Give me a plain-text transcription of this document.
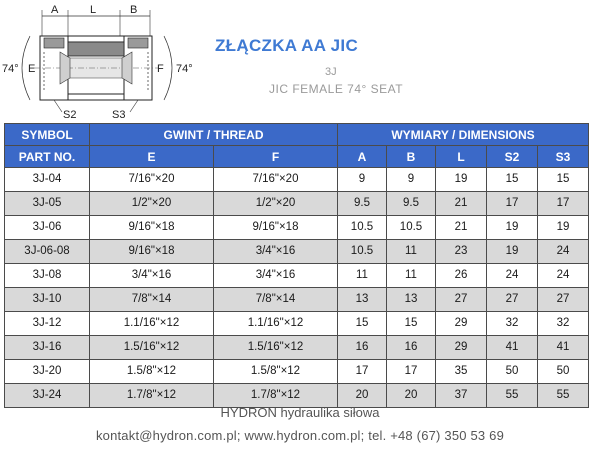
A	L	B
E	F
74°	74°
S2	S3
ZŁĄCZKA AA JIC
3J
JIC FEMALE 74° SEAT
SYMBOL	GWINT / THREAD		WYMIARY / DIMENSIONS				
PART NO.	E	F	A	B	L	S2	S3
3J-04	7/16"×20	7/16"×20	9	9	19	15	15
3J-05	1/2"×20	1/2"×20	9.5	9.5	21	17	17
3J-06	9/16"×18	9/16"×18	10.5	10.5	21	19	19
3J-06-08	9/16"×18	3/4"×16	10.5	11	23	19	24
3J-08	3/4"×16	3/4"×16	11	11	26	24	24
3J-10	7/8"×14	7/8"×14	13	13	27	27	27
3J-12	1.1/16"×12	1.1/16"×12	15	15	29	32	32
3J-16	1.5/16"×12	1.5/16"×12	16	16	29	41	41
3J-20	1.5/8"×12	1.5/8"×12	17	17	35	50	50
3J-24	1.7/8"×12	1.7/8"×12	20	20	37	55	55
HYDRON hydraulika siłowa
kontakt@hydron.com.pl; www.hydron.com.pl; tel. +48 (67) 350 53 69
